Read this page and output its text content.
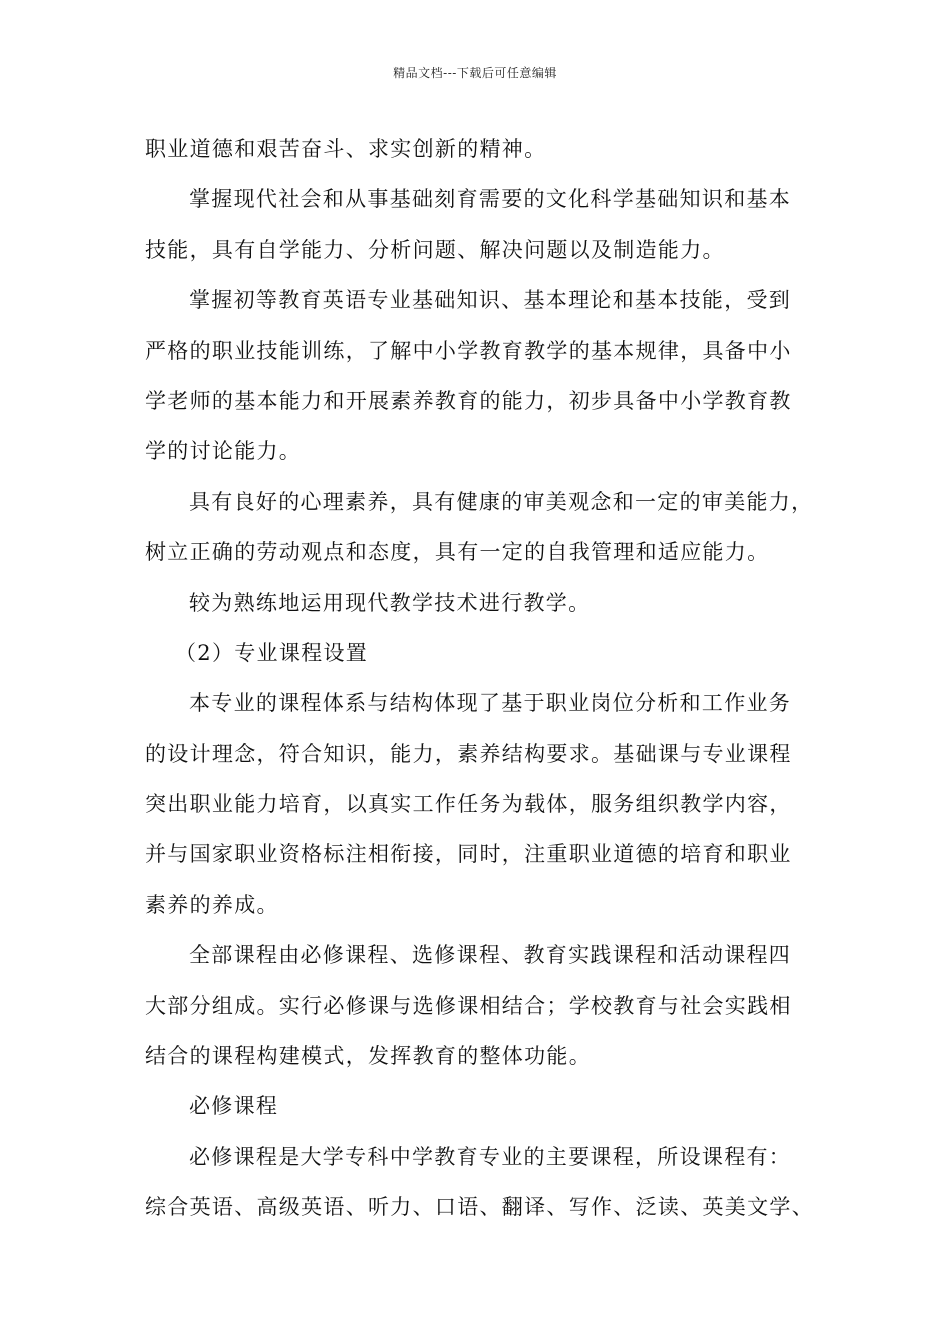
精品文档---下载后可任意编辑
职业道德和艰苦奋斗、求实创新的精神。
掌握现代社会和从事基础刻育需要的文化科学基础知识和基本
技能，具有自学能力、分析问题、解决问题以及制造能力。
掌握初等教育英语专业基础知识、基本理论和基本技能，受到
严格的职业技能训练，了解中小学教育教学的基本规律，具备中小
学老师的基本能力和开展素养教育的能力，初步具备中小学教育教
学的讨论能力。
具有良好的心理素养，具有健康的审美观念和一定的审美能力，
树立正确的劳动观点和态度，具有一定的自我管理和适应能力。
较为熟练地运用现代教学技术进行教学。
（2）专业课程设置
本专业的课程体系与结构体现了基于职业岗位分析和工作业务
的设计理念，符合知识，能力，素养结构要求。基础课与专业课程
突出职业能力培育，以真实工作任务为载体，服务组织教学内容，
并与国家职业资格标注相衔接，同时，注重职业道德的培育和职业
素养的养成。
全部课程由必修课程、选修课程、教育实践课程和活动课程四
大部分组成。实行必修课与选修课相结合；学校教育与社会实践相
结合的课程构建模式，发挥教育的整体功能。
必修课程
必修课程是大学专科中学教育专业的主要课程，所设课程有：
综合英语、高级英语、听力、口语、翻译、写作、泛读、英美文学、
